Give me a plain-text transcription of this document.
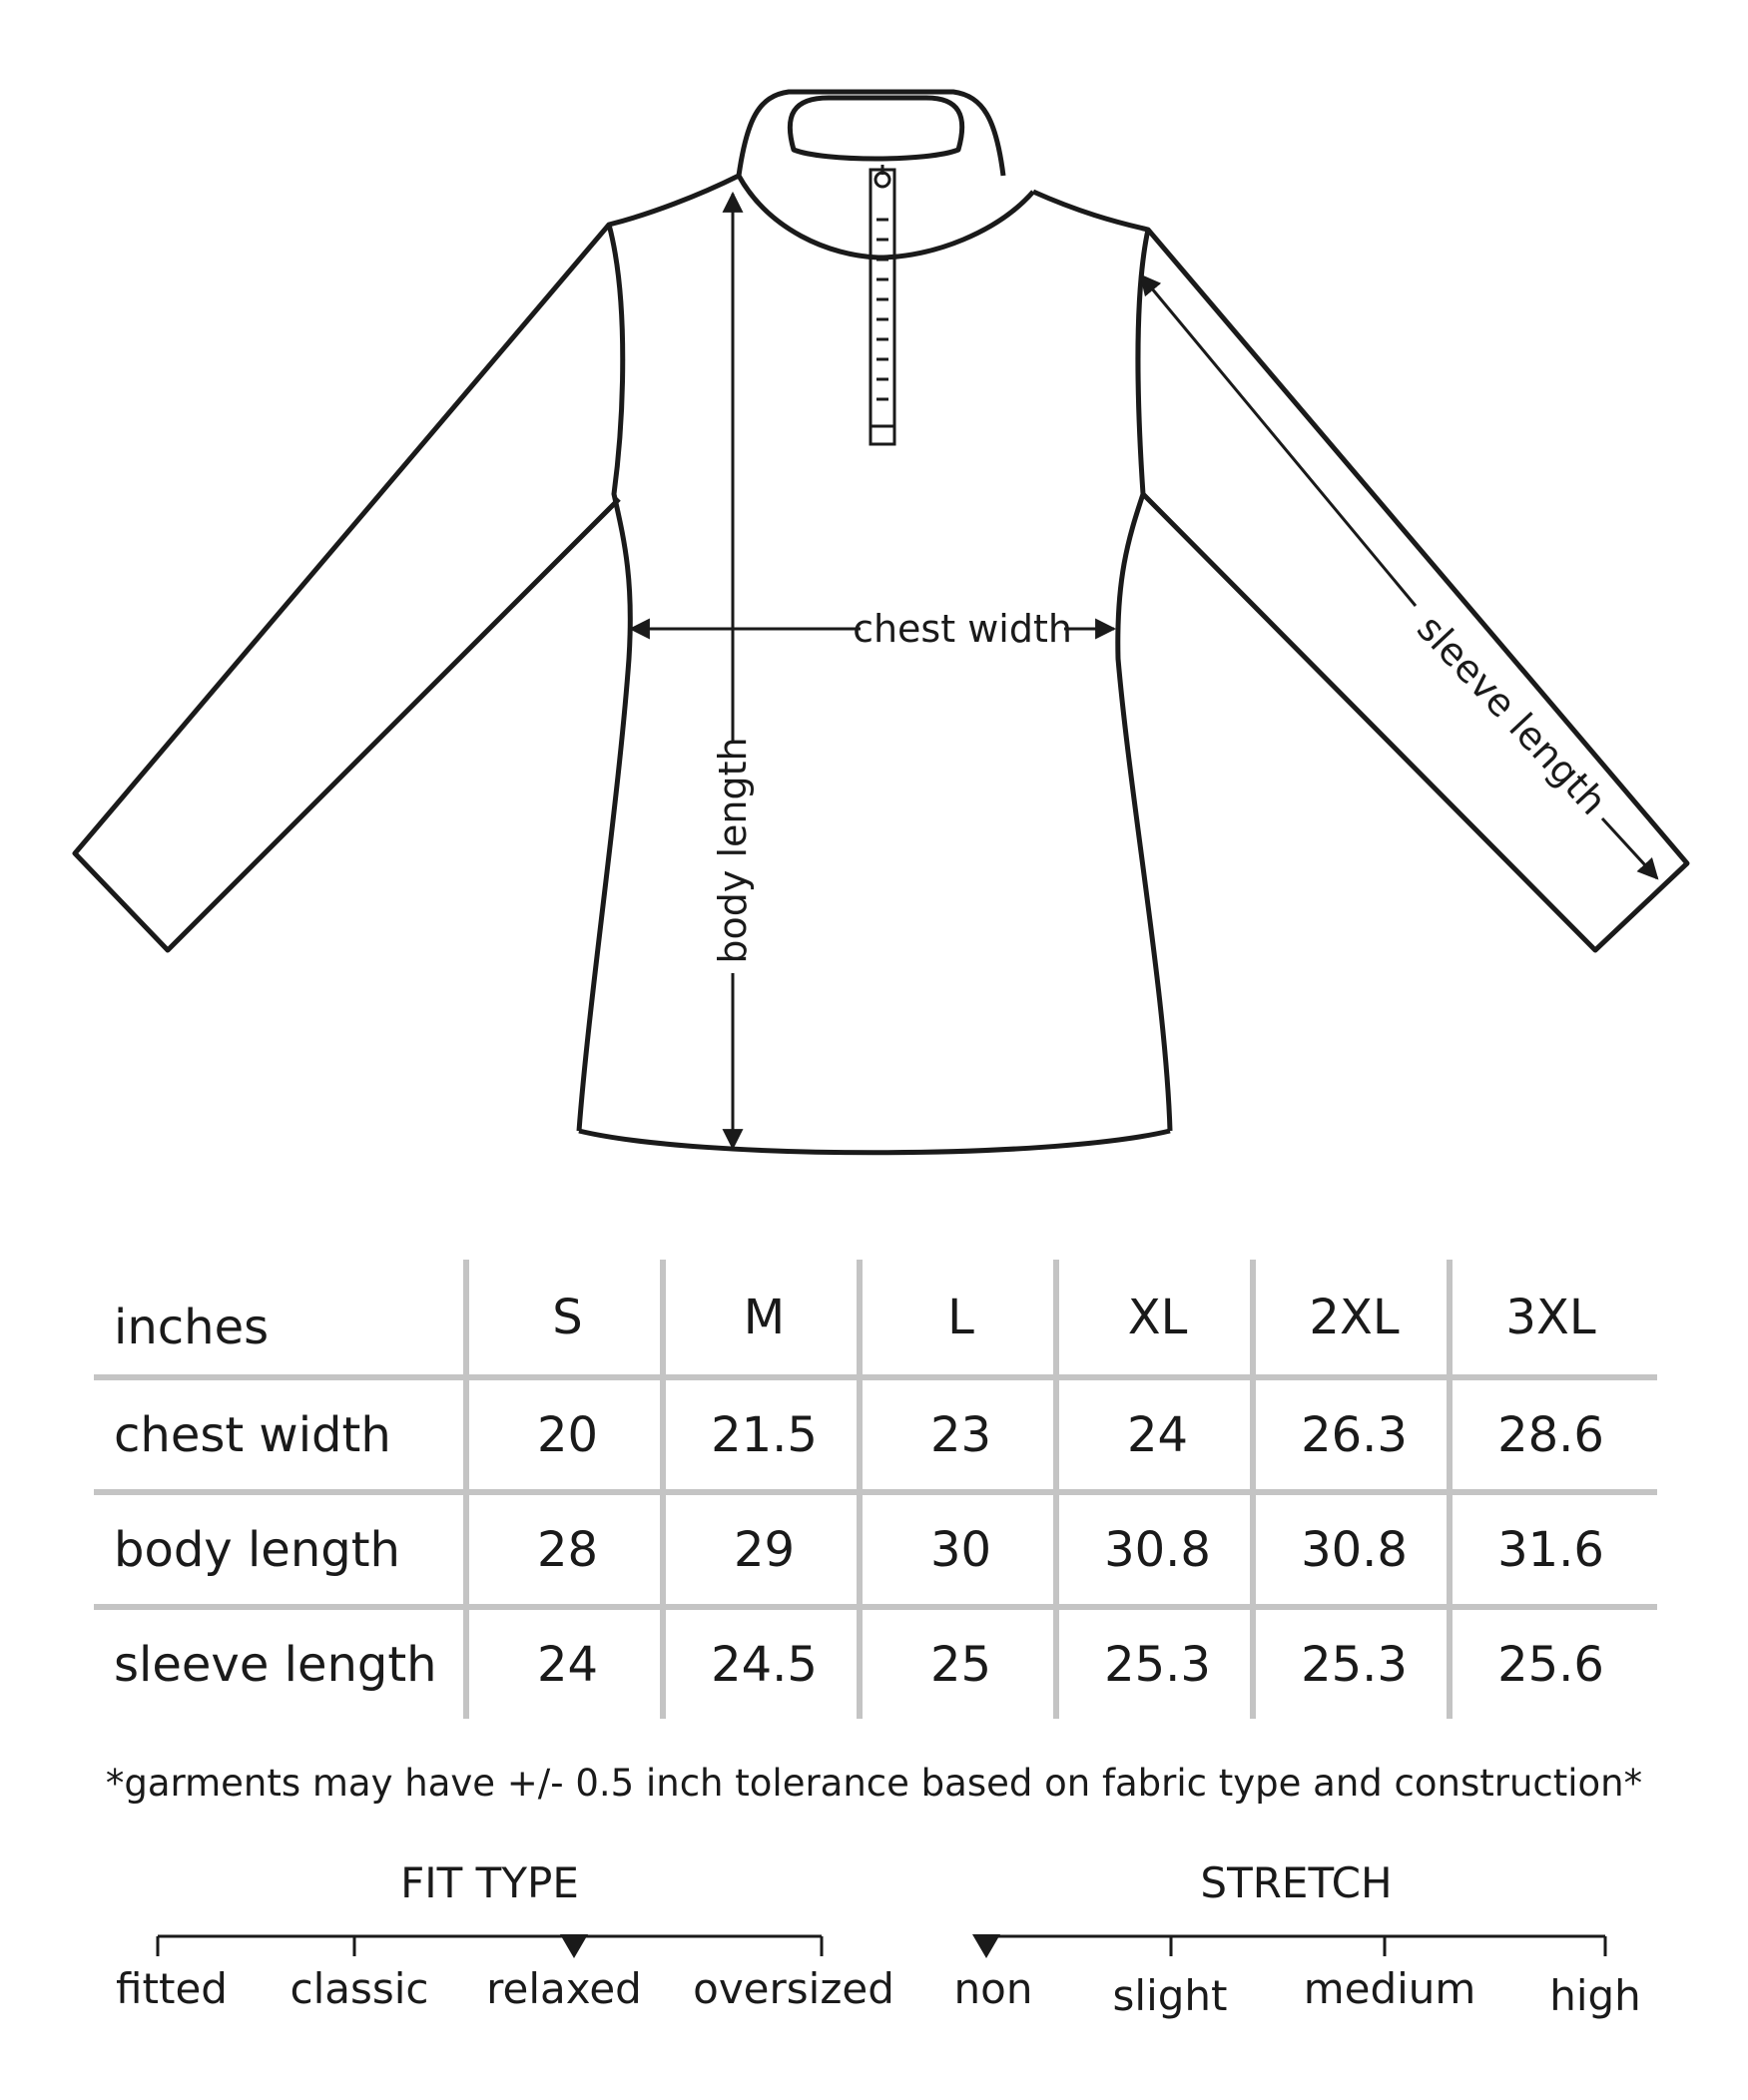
chest width
body length
sleeve length
inches	S	M	L	XL	2XL	3XL
chest width	20	21.5	23	24	26.3	28.6
body length	28	29	30	30.8	30.8	31.6
sleeve length	24	24.5	25	25.3	25.3	25.6
*garments may have +/- 0.5 inch tolerance based on fabric type and construction*
FIT TYPE	STRETCH
fitted classic relaxed oversized non slight medium high
